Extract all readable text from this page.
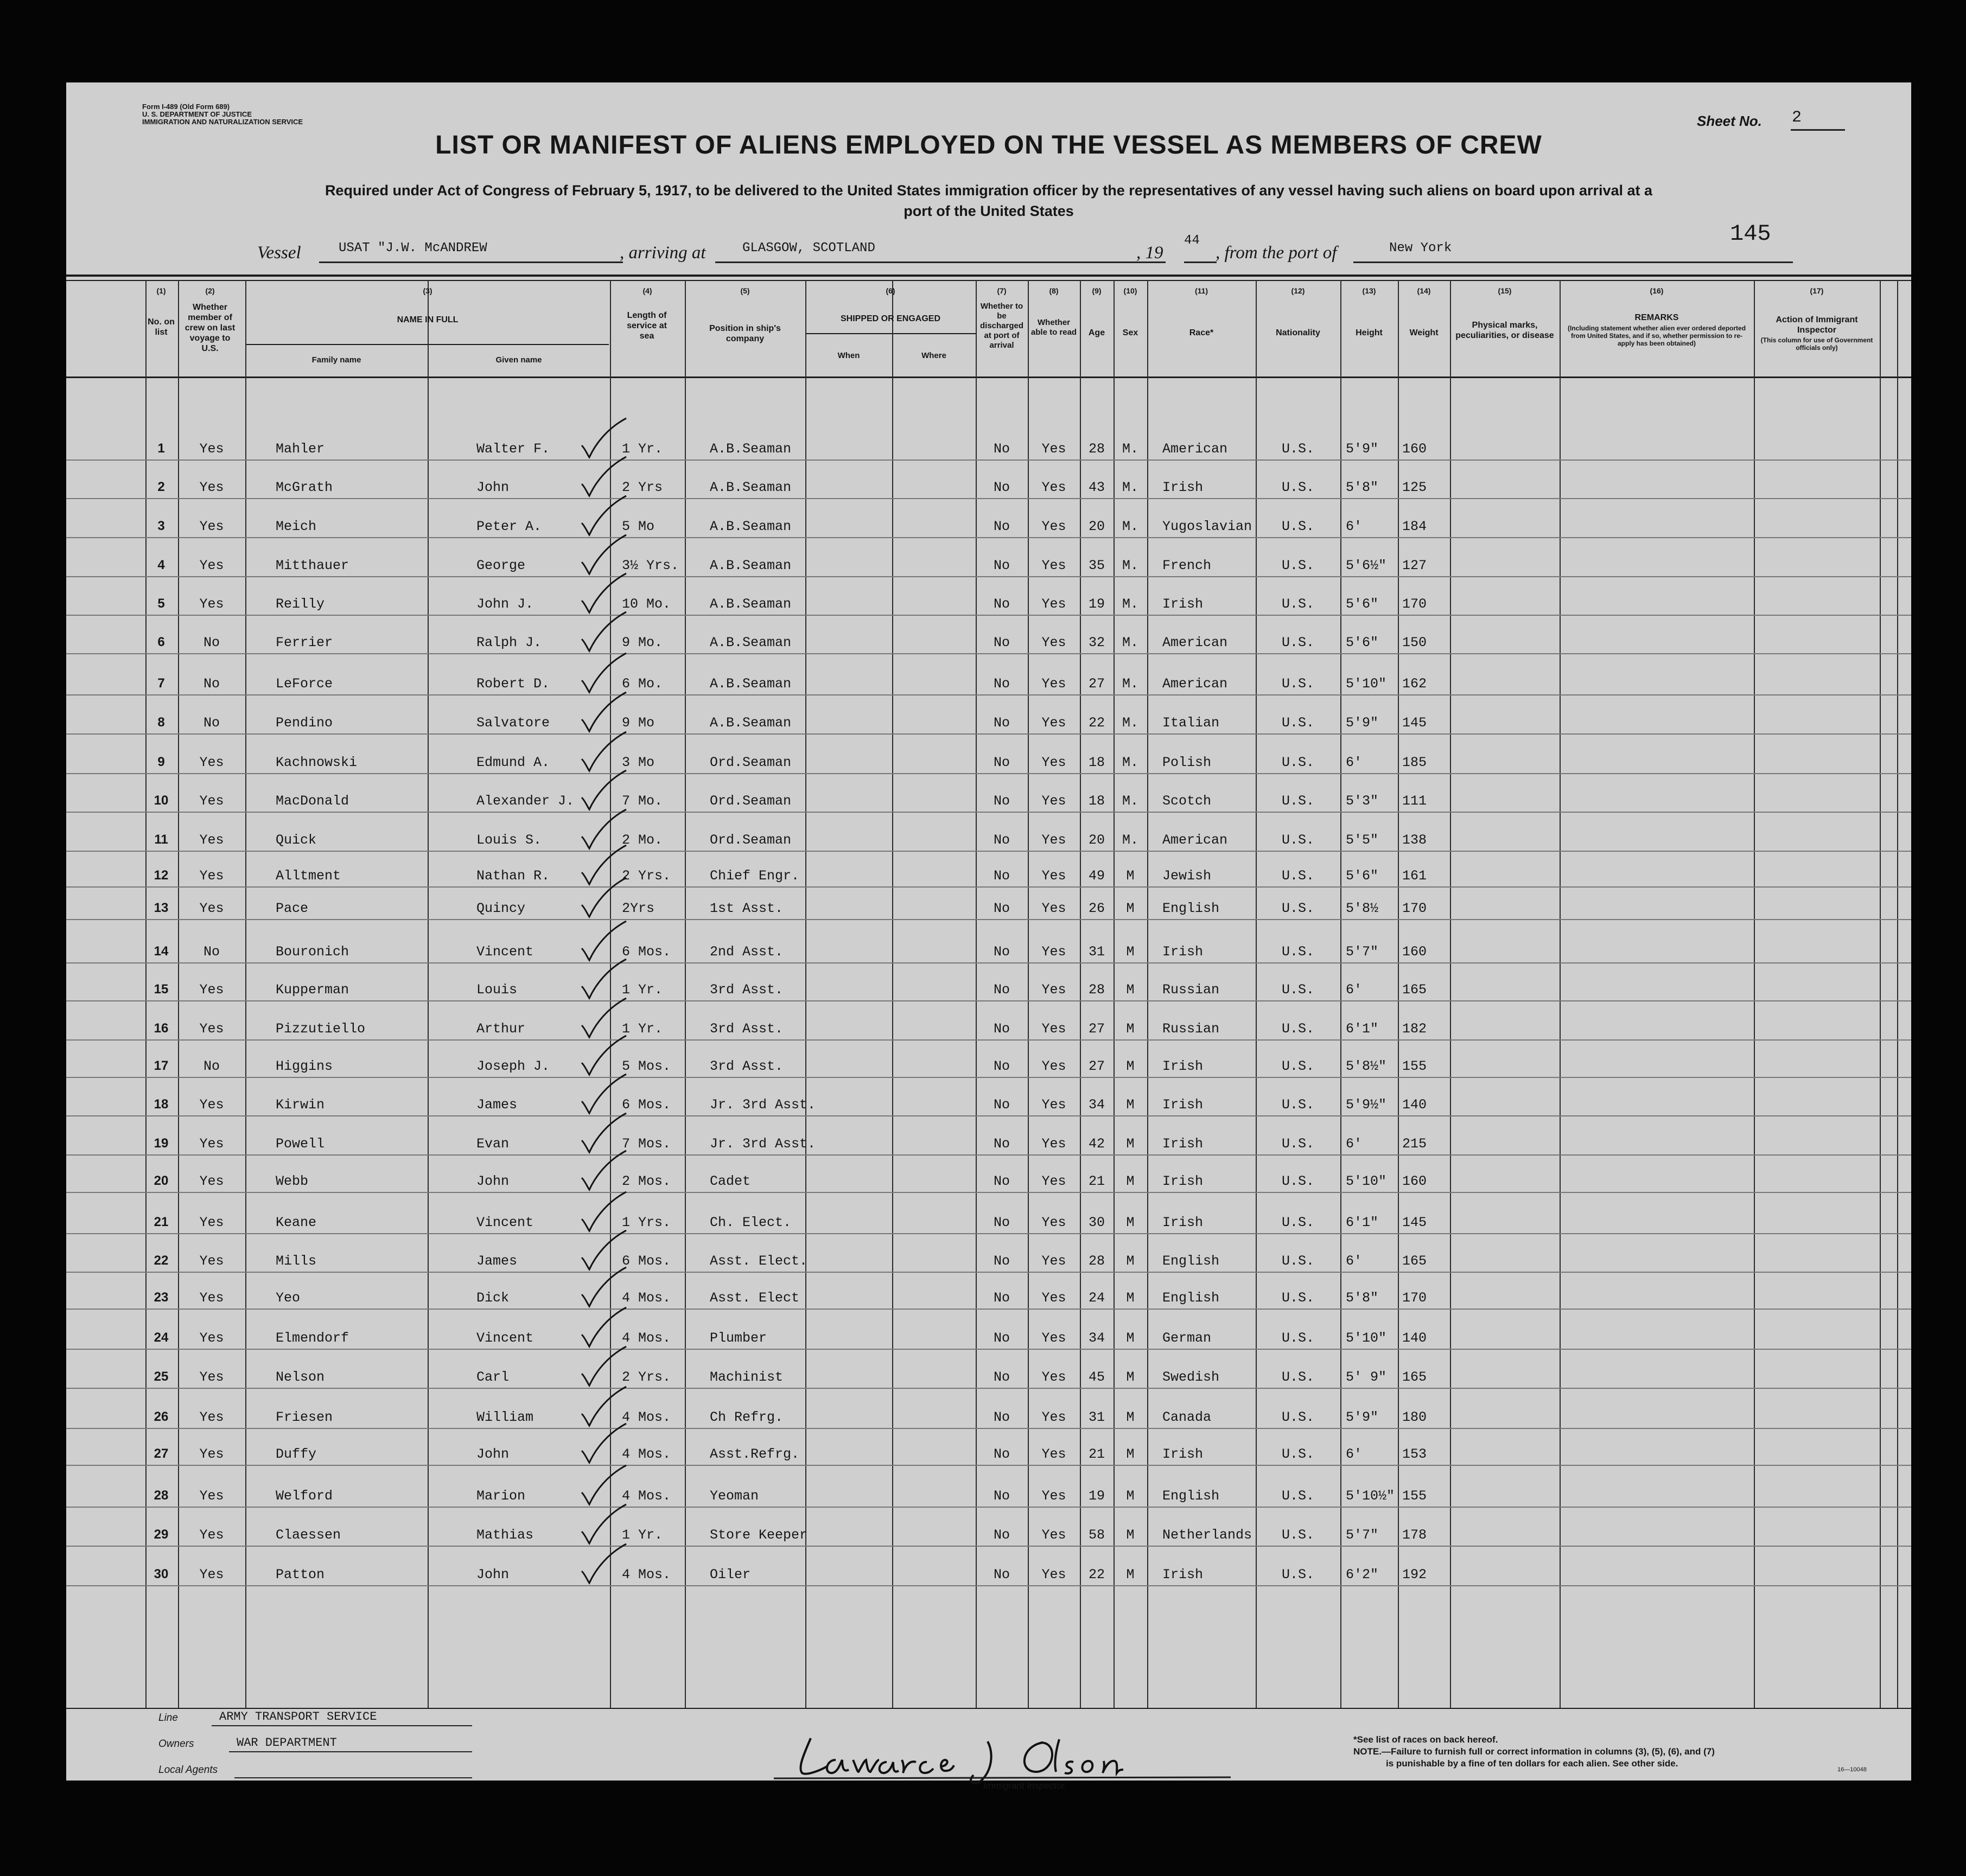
Form I-489 (Old Form 689)
U. S. DEPARTMENT OF JUSTICE
IMMIGRATION AND NATURALIZATION SERVICE	Sheet No. 2
LIST OR MANIFEST OF ALIENS EMPLOYED ON THE VESSEL AS MEMBERS OF CREW
Required under Act of Congress of February 5, 1917, to be delivered to the United States immigration officer by the representatives of any vessel having such aliens on board upon arrival at a
port of the United States
145
Vessel	USAT "J.W. McANDREW	, arriving at	GLASGOW, SCOTLAND	, 19
44
, from the port of	New York
(1)
No. on list
(2)
Whether member of crew on last voyage to U.S.
(3)
NAME IN FULL
Family name	Given name
(4)
Length of service at sea
(5)
Position in ship's company
(6)
SHIPPED OR ENGAGED
When	Where
(7)
Whether to be discharged at port of arrival
(8)
Whether able to read
(9)
Age
(10)
Sex
(11)
Race*
(12)
Nationality
(13)
Height
(14)
Weight
(15)
Physical marks, peculiarities, or disease
(16)
REMARKS
(Including statement whether alien ever ordered deported from United States, and if so, whether permission to re-apply has been obtained)
(17)
Action of Immigrant Inspector
(This column for use of Government officials only)
1	Yes	Mahler	Walter F.	1 Yr.	A.B.Seaman	No	Yes	28	M.	American	U.S.	5'9"	160
2	Yes	McGrath	John	2 Yrs	A.B.Seaman	No	Yes	43	M.	Irish	U.S.	5'8"	125
3	Yes	Meich	Peter A.	5 Mo	A.B.Seaman	No	Yes	20	M.	Yugoslavian	U.S.	6'	184
4	Yes	Mitthauer	George	3½ Yrs.	A.B.Seaman	No	Yes	35	M.	French	U.S.	5'6½"	127
5	Yes	Reilly	John J.	10 Mo.	A.B.Seaman	No	Yes	19	M.	Irish	U.S.	5'6"	170
6	No	Ferrier	Ralph J.	9 Mo.	A.B.Seaman	No	Yes	32	M.	American	U.S.	5'6"	150
7	No	LeForce	Robert D.	6 Mo.	A.B.Seaman	No	Yes	27	M.	American	U.S.	5'10"	162
8	No	Pendino	Salvatore	9 Mo	A.B.Seaman	No	Yes	22	M.	Italian	U.S.	5'9"	145
9	Yes	Kachnowski	Edmund A.	3 Mo	Ord.Seaman	No	Yes	18	M.	Polish	U.S.	6'	185
10	Yes	MacDonald	Alexander J.	7 Mo.	Ord.Seaman	No	Yes	18	M.	Scotch	U.S.	5'3"	111
11	Yes	Quick	Louis S.	2 Mo.	Ord.Seaman	No	Yes	20	M.	American	U.S.	5'5"	138
12	Yes	Alltment	Nathan R.	2 Yrs.	Chief Engr.	No	Yes	49	M	Jewish	U.S.	5'6"	161
13	Yes	Pace	Quincy	2Yrs	1st Asst.	No	Yes	26	M	English	U.S.	5'8½	170
14	No	Bouronich	Vincent	6 Mos.	2nd Asst.	No	Yes	31	M	Irish	U.S.	5'7"	160
15	Yes	Kupperman	Louis	1 Yr.	3rd Asst.	No	Yes	28	M	Russian	U.S.	6'	165
16	Yes	Pizzutiello	Arthur	1 Yr.	3rd Asst.	No	Yes	27	M	Russian	U.S.	6'1"	182
17	No	Higgins	Joseph J.	5 Mos.	3rd Asst.	No	Yes	27	M	Irish	U.S.	5'8½"	155
18	Yes	Kirwin	James	6 Mos.	Jr. 3rd Asst.	No	Yes	34	M	Irish	U.S.	5'9½"	140
19	Yes	Powell	Evan	7 Mos.	Jr. 3rd Asst.	No	Yes	42	M	Irish	U.S.	6'	215
20	Yes	Webb	John	2 Mos.	Cadet	No	Yes	21	M	Irish	U.S.	5'10"	160
21	Yes	Keane	Vincent	1 Yrs.	Ch. Elect.	No	Yes	30	M	Irish	U.S.	6'1"	145
22	Yes	Mills	James	6 Mos.	Asst. Elect.	No	Yes	28	M	English	U.S.	6'	165
23	Yes	Yeo	Dick	4 Mos.	Asst. Elect	No	Yes	24	M	English	U.S.	5'8"	170
24	Yes	Elmendorf	Vincent	4 Mos.	Plumber	No	Yes	34	M	German	U.S.	5'10"	140
25	Yes	Nelson	Carl	2 Yrs.	Machinist	No	Yes	45	M	Swedish	U.S.	5' 9"	165
26	Yes	Friesen	William	4 Mos.	Ch Refrg.	No	Yes	31	M	Canada	U.S.	5'9"	180
27	Yes	Duffy	John	4 Mos.	Asst.Refrg.	No	Yes	21	M	Irish	U.S.	6'	153
28	Yes	Welford	Marion	4 Mos.	Yeoman	No	Yes	19	M	English	U.S.	5'10½" 155
29	Yes	Claessen	Mathias	1 Yr.	Store Keeper	No	Yes	58	M	Netherlands	U.S.	5'7"	178
30	Yes	Patton	John	4 Mos.	Oiler	No	Yes	22	M	Irish	U.S.	6'2"	192
Line	ARMY TRANSPORT SERVICE
Owners	WAR DEPARTMENT
Local Agents
Immigrant Inspector.
*See list of races on back hereof.
NOTE.—Failure to furnish full or correct information in columns (3), (5), (6), and (7)
is punishable by a fine of ten dollars for each alien. See other side.
16—10048
